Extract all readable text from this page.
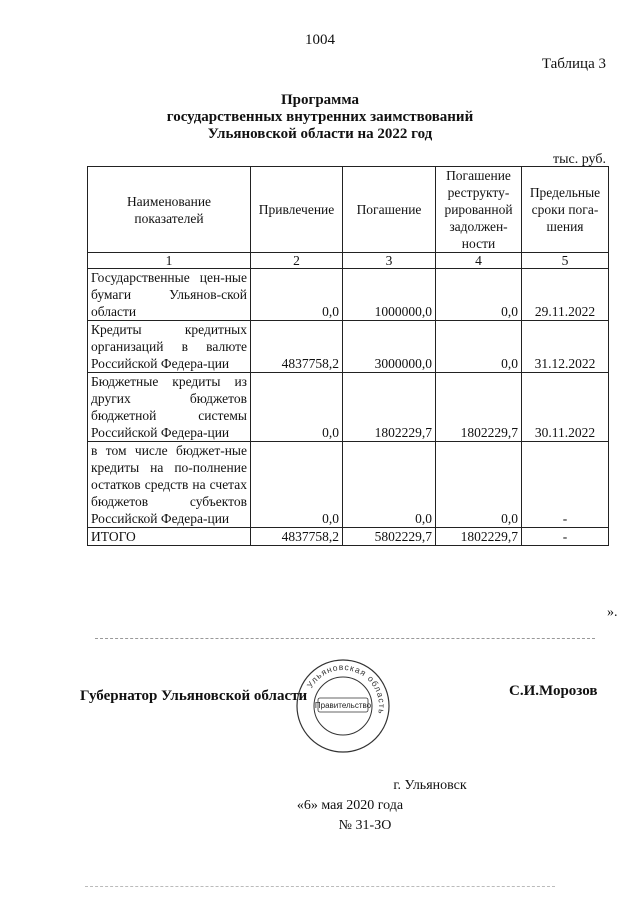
1004
Таблица 3
Программа
государственных внутренних заимствований
Ульяновской области на 2022 год
тыс. руб.
Наименование показателей	Привлечение	Погашение	Погашение реструкту-рированной задолжен-ности	Предельные сроки пога-шения
1	2	3	4	5
Государственные цен-ные бумаги Ульянов-ской области	0,0	1000000,0	0,0	29.11.2022
Кредиты кредитных организаций в валюте Российской Федера-ции	4837758,2	3000000,0	0,0	31.12.2022
Бюджетные кредиты из других бюджетов бюджетной системы Российской Федера-ции	0,0	1802229,7	1802229,7	30.11.2022
в том числе бюджет-ные кредиты на по-полнение остатков средств на счетах бюджетов субъектов Российской Федера-ции	0,0	0,0	0,0	-
ИТОГО	4837758,2	5802229,7	1802229,7	-
».
Ульяновская область
Правительство
Губернатор Ульяновской области	С.И.Морозов
г. Ульяновск
«6» мая 2020 года
№ 31-ЗО
